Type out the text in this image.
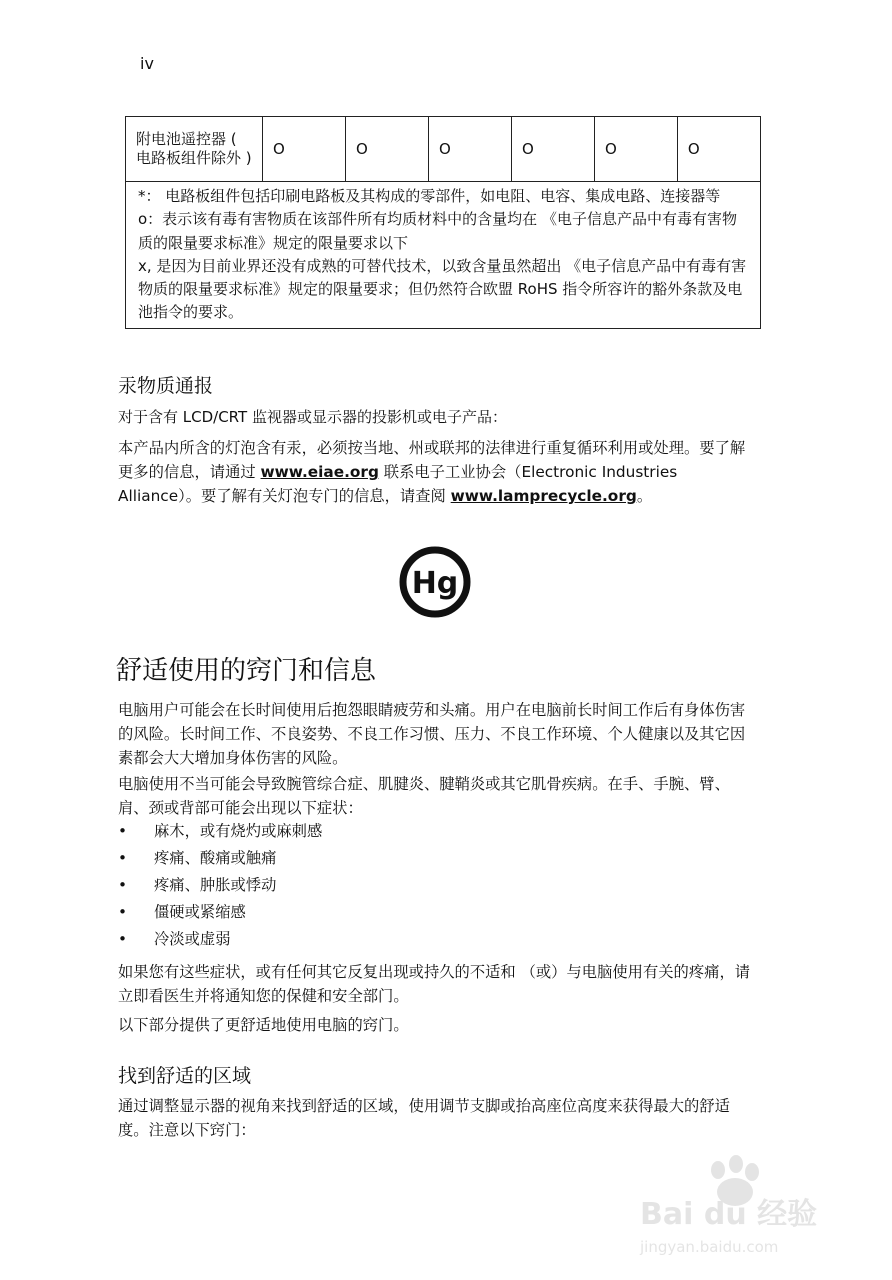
iv
附电池遥控器 ( 电路板组件除外 )	O	O	O	O	O	O

*： 电路板组件包括印刷电路板及其构成的零部件，如电阻、电容、集成电路、连接器等
o：表示该有毒有害物质在该部件所有均质材料中的含量均在 《电子信息产品中有毒有害物质的限量要求标准》规定的限量要求以下
x, 是因为目前业界还没有成熟的可替代技术，以致含量虽然超出 《电子信息产品中有毒有害物质的限量要求标准》规定的限量要求；但仍然符合欧盟 RoHS 指令所容许的豁外条款及电池指令的要求。
汞物质通报
对于含有 LCD/CRT 监视器或显示器的投影机或电子产品：
本产品内所含的灯泡含有汞，必须按当地、州或联邦的法律进行重复循环利用或处理。要了解更多的信息，请通过 www.eiae.org 联系电子工业协会（Electronic Industries Alliance）。要了解有关灯泡专门的信息，请查阅 www.lamprecycle.org。
Hg
舒适使用的窍门和信息
电脑用户可能会在长时间使用后抱怨眼睛疲劳和头痛。用户在电脑前长时间工作后有身体伤害的风险。长时间工作、不良姿势、不良工作习惯、压力、不良工作环境、个人健康以及其它因素都会大大增加身体伤害的风险。
电脑使用不当可能会导致腕管综合症、肌腱炎、腱鞘炎或其它肌骨疾病。在手、手腕、臂、肩、颈或背部可能会出现以下症状：
• 麻木，或有烧灼或麻刺感
• 疼痛、酸痛或触痛
• 疼痛、肿胀或悸动
• 僵硬或紧缩感
• 冷淡或虚弱
如果您有这些症状，或有任何其它反复出现或持久的不适和 （或）与电脑使用有关的疼痛，请立即看医生并将通知您的保健和安全部门。
以下部分提供了更舒适地使用电脑的窍门。
找到舒适的区域
通过调整显示器的视角来找到舒适的区域，使用调节支脚或抬高座位高度来获得最大的舒适度。注意以下窍门：
Bai du 经验
jingyan.baidu.com
